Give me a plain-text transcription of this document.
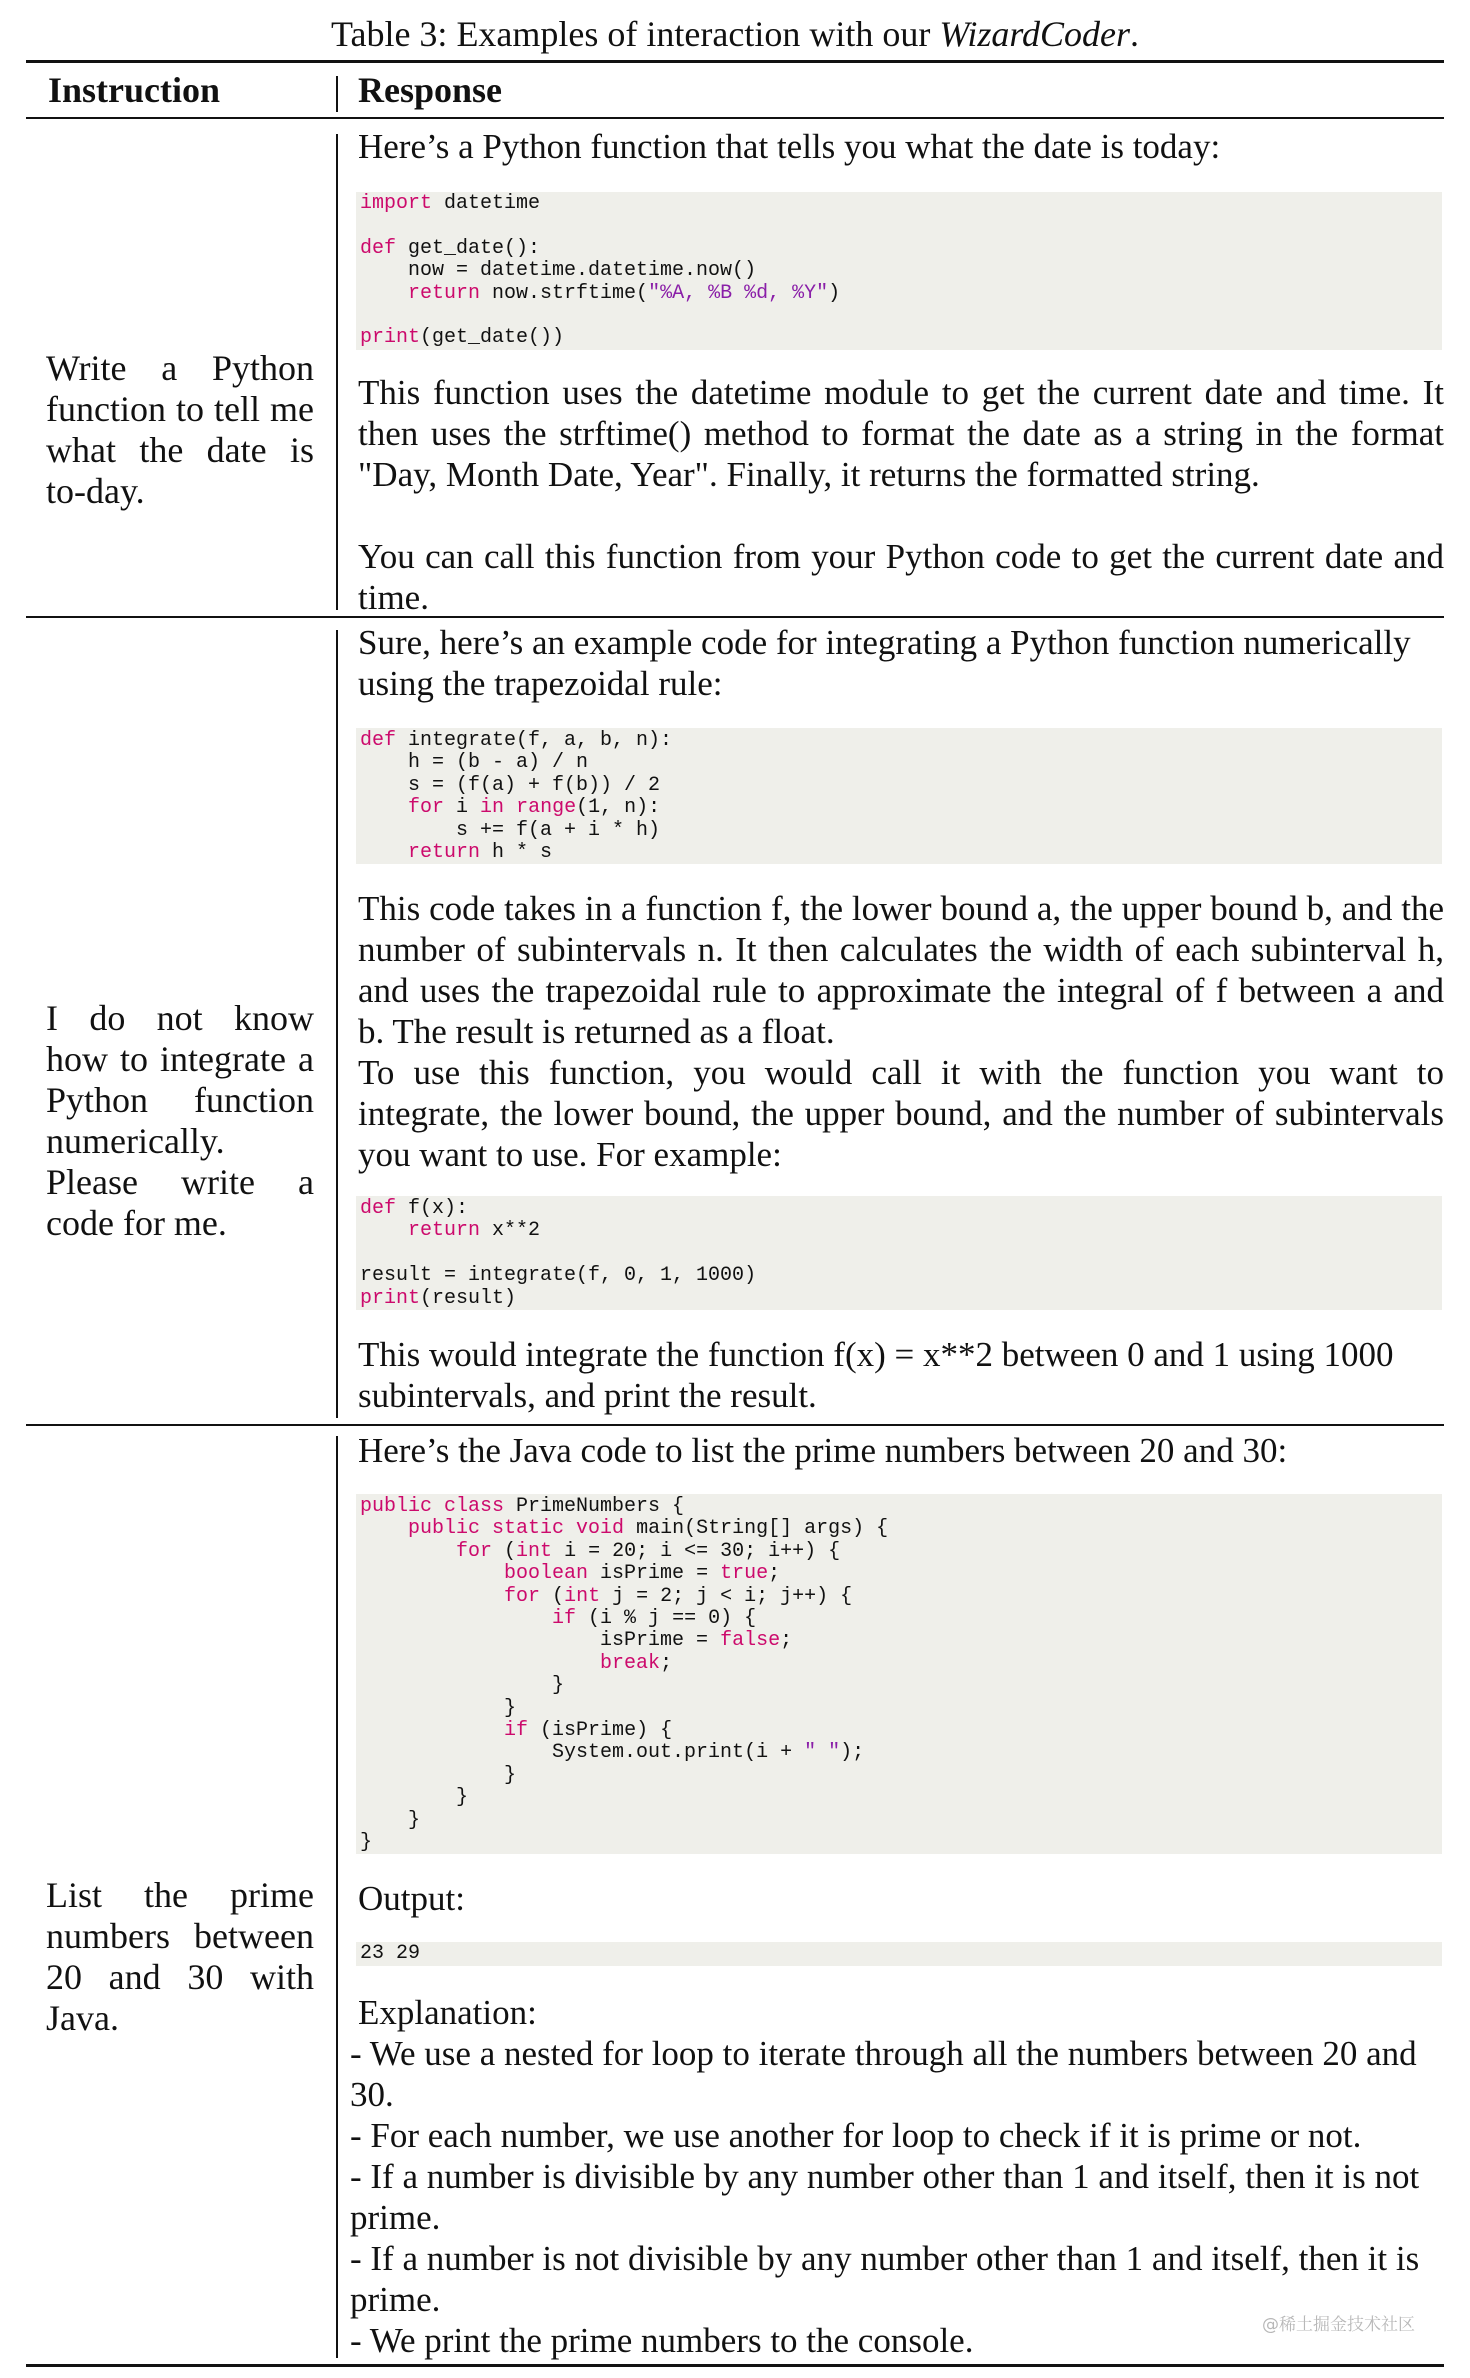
Table 3: Examples of interaction with our WizardCoder.
Instruction	Response
Write a Python function to tell me what the date is to-day.
Here’s a Python function that tells you what the date is today:
import datetime

def get_date():
now = datetime.datetime.now()
return now.strftime("%A, %B %d, %Y")

print(get_date())

This function uses the datetime module to get the current date and time. It then uses the strftime() method to format the date as a string in the format "Day, Month Date, Year". Finally, it returns the formatted string.

You can call this function from your Python code to get the current date and time.

I do not know how to integrate a Python function numerically. Please write a code for me.
Sure, here’s an example code for integrating a Python function numerically using the trapezoidal rule:
def integrate(f, a, b, n):
h = (b - a) / n
s = (f(a) + f(b)) / 2
for i in range(1, n):
s += f(a + i * h)
return h * s

This code takes in a function f, the lower bound a, the upper bound b, and the number of subintervals n. It then calculates the width of each subinterval h, and uses the trapezoidal rule to approximate the integral of f between a and b. The result is returned as a float.

To use this function, you would call it with the function you want to integrate, the lower bound, the upper bound, and the number of subintervals you want to use. For example:

def f(x):
return x**2

result = integrate(f, 0, 1, 1000)
print(result)
This would integrate the function f(x) = x**2 between 0 and 1 using 1000 subintervals, and print the result.
List the prime numbers between 20 and 30 with Java.
Here’s the Java code to list the prime numbers between 20 and 30:
public class PrimeNumbers {
public static void main(String[] args) {
for (int i = 20; i <= 30; i++) {
boolean isPrime = true;
for (int j = 2; j < i; j++) {
if (i % j == 0) {
isPrime = false;
break;
}
}
if (isPrime) {
System.out.print(i + " ");
}
}
}
}
Output:
23 29
Explanation:

- We use a nested for loop to iterate through all the numbers between 20 and 30.

- For each number, we use another for loop to check if it is prime or not.

- If a number is divisible by any number other than 1 and itself, then it is not prime.

- If a number is not divisible by any number other than 1 and itself, then it is prime.

- We print the prime numbers to the console.	@稀土掘金技术社区
